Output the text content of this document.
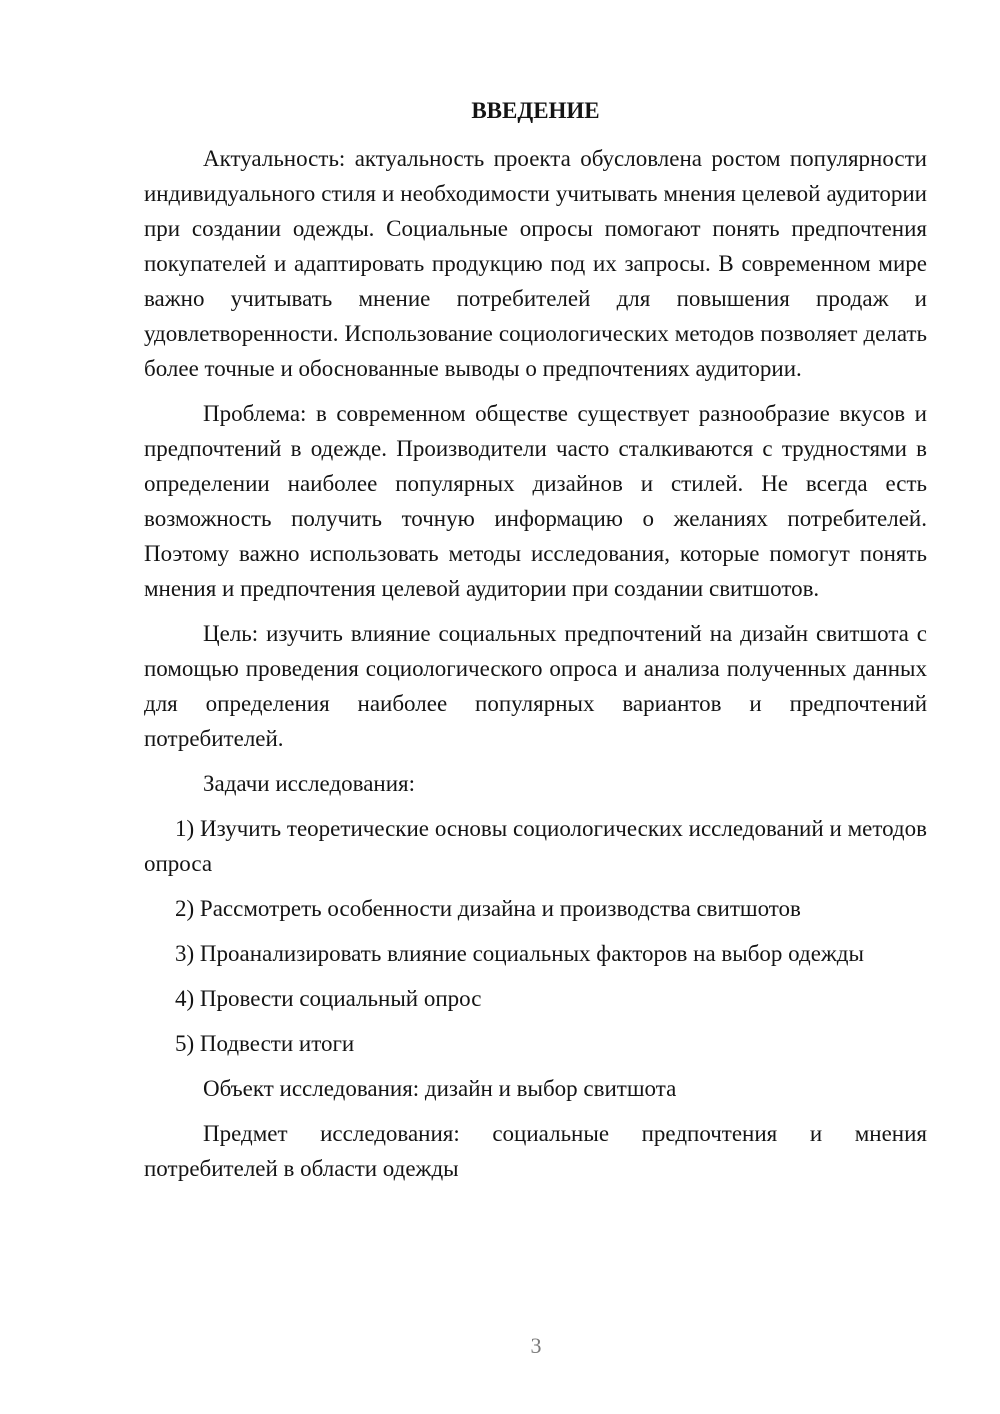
ВВЕДЕНИЕ

Актуальность: актуальность проекта обусловлена ростом популярности индивидуального стиля и необходимости учитывать мнения целевой аудитории при создании одежды. Социальные опросы помогают понять предпочтения покупателей и адаптировать продукцию под их запросы. В современном мире важно учитывать мнение потребителей для повышения продаж и удовлетворенности. Использование социологических методов позволяет делать более точные и обоснованные выводы о предпочтениях аудитории.

Проблема: в современном обществе существует разнообразие вкусов и предпочтений в одежде. Производители часто сталкиваются с трудностями в определении наиболее популярных дизайнов и стилей. Не всегда есть возможность получить точную информацию о желаниях потребителей. Поэтому важно использовать методы исследования, которые помогут понять мнения и предпочтения целевой аудитории при создании свитшотов.

Цель: изучить влияние социальных предпочтений на дизайн свитшота с помощью проведения социологического опроса и анализа полученных данных для определения наиболее популярных вариантов и предпочтений потребителей.

Задачи исследования:

1) Изучить теоретические основы социологических исследований и методов опроса

2) Рассмотреть особенности дизайна и производства свитшотов

3) Проанализировать влияние социальных факторов на выбор одежды

4) Провести социальный опрос

5) Подвести итоги

Объект исследования: дизайн и выбор свитшота

Предмет исследования: социальные предпочтения и мнения потребителей в области одежды

3
